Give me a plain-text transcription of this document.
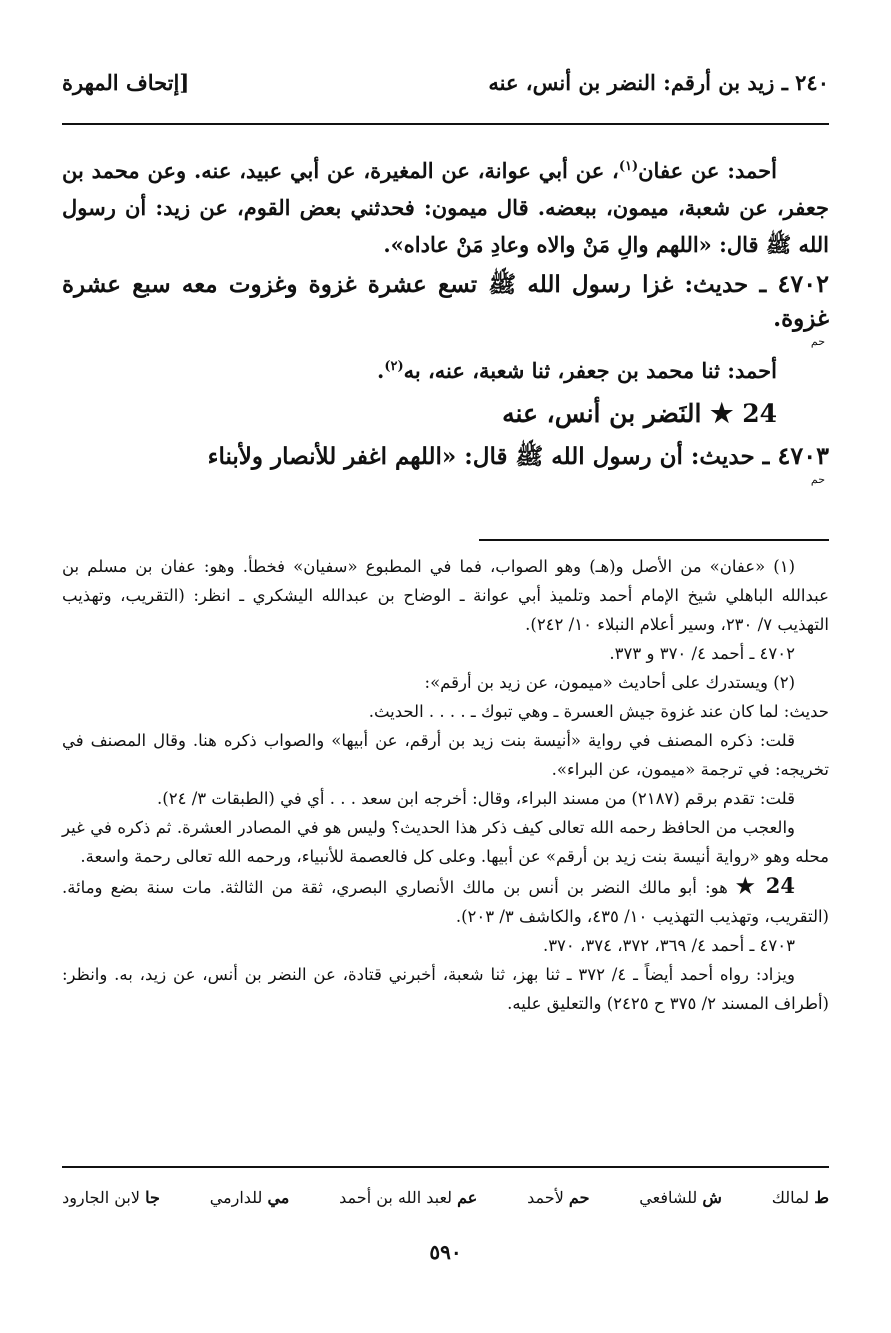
٢٤٠ ـ زيد بن أرقم: النضر بن أنس، عنه
[إتحاف المهرة

أحمد: عن عفان$^{(١)}$، عن أبي عوانة، عن المغيرة، عن أبي عبيد، عنه. وعن محمد بن جعفر، عن شعبة، ميمون، ببعضه. قال ميمون: فحدثني بعض القوم، عن زيد: أن رسول الله ﷺ قال: «اللهم والِ مَنْ والاه وعادِ مَنْ عاداه».

٤٧٠٢ ـ حديث: غزا رسول الله ﷺ تسع عشرة غزوة وغزوت معه سبع عشرة غزوة.
حم

أحمد: ثنا محمد بن جعفر، ثنا شعبة، عنه، به$^{(٢)}$.

24 ★ النَضر بن أنس، عنه
٤٧٠٣ ـ حديث: أن رسول الله ﷺ قال: «اللهم اغفر للأنصار ولأبناء
حم

(١) «عفان» من الأصل و(هـ) وهو الصواب، فما في المطبوع «سفيان» فخطأ. وهو: عفان بن مسلم بن عبدالله الباهلي شيخ الإمام أحمد وتلميذ أبي عوانة ـ الوضاح بن عبدالله اليشكري ـ انظر: (التقريب، وتهذيب التهذيب ٧/ ٢٣٠، وسير أعلام النبلاء ١٠/ ٢٤٢).

٤٧٠٢ ـ أحمد ٤/ ٣٧٠ و ٣٧٣.

(٢) ويستدرك على أحاديث «ميمون، عن زيد بن أرقم»:

حديث: لما كان عند غزوة جيش العسرة ـ وهي تبوك ـ . . . . الحديث.

قلت: ذكره المصنف في رواية «أنيسة بنت زيد بن أرقم، عن أبيها» والصواب ذكره هنا. وقال المصنف في تخريجه: في ترجمة «ميمون، عن البراء».

قلت: تقدم برقم (٢١٨٧) من مسند البراء، وقال: أخرجه ابن سعد . . . أي في (الطبقات ٣/ ٢٤).

والعجب من الحافظ رحمه الله تعالى كيف ذكر هذا الحديث؟ وليس هو في المصادر العشرة. ثم ذكره في غير محله وهو «رواية أنيسة بنت زيد بن أرقم» عن أبيها. وعلى كل فالعصمة للأنبياء، ورحمه الله تعالى رحمة واسعة.

24 ★ هو: أبو مالك النضر بن أنس بن مالك الأنصاري البصري، ثقة من الثالثة. مات سنة بضع ومائة. (التقريب، وتهذيب التهذيب ١٠/ ٤٣٥، والكاشف ٣/ ٢٠٣).

٤٧٠٣ ـ أحمد ٤/ ٣٦٩، ٣٧٢، ٣٧٤، ٣٧٠.

ويزاد: رواه أحمد أيضاً ـ ٤/ ٣٧٢ ـ ثنا بهز، ثنا شعبة، أخبرني قتادة، عن النضر بن أنس، عن زيد، به. وانظر: (أطراف المسند ٢/ ٣٧٥ ح ٢٤٢٥) والتعليق عليه.

ط لمالك
ش للشافعي
حم لأحمد
عم لعبد الله بن أحمد
مي للدارمي
جا لابن الجارود
٥٩٠
